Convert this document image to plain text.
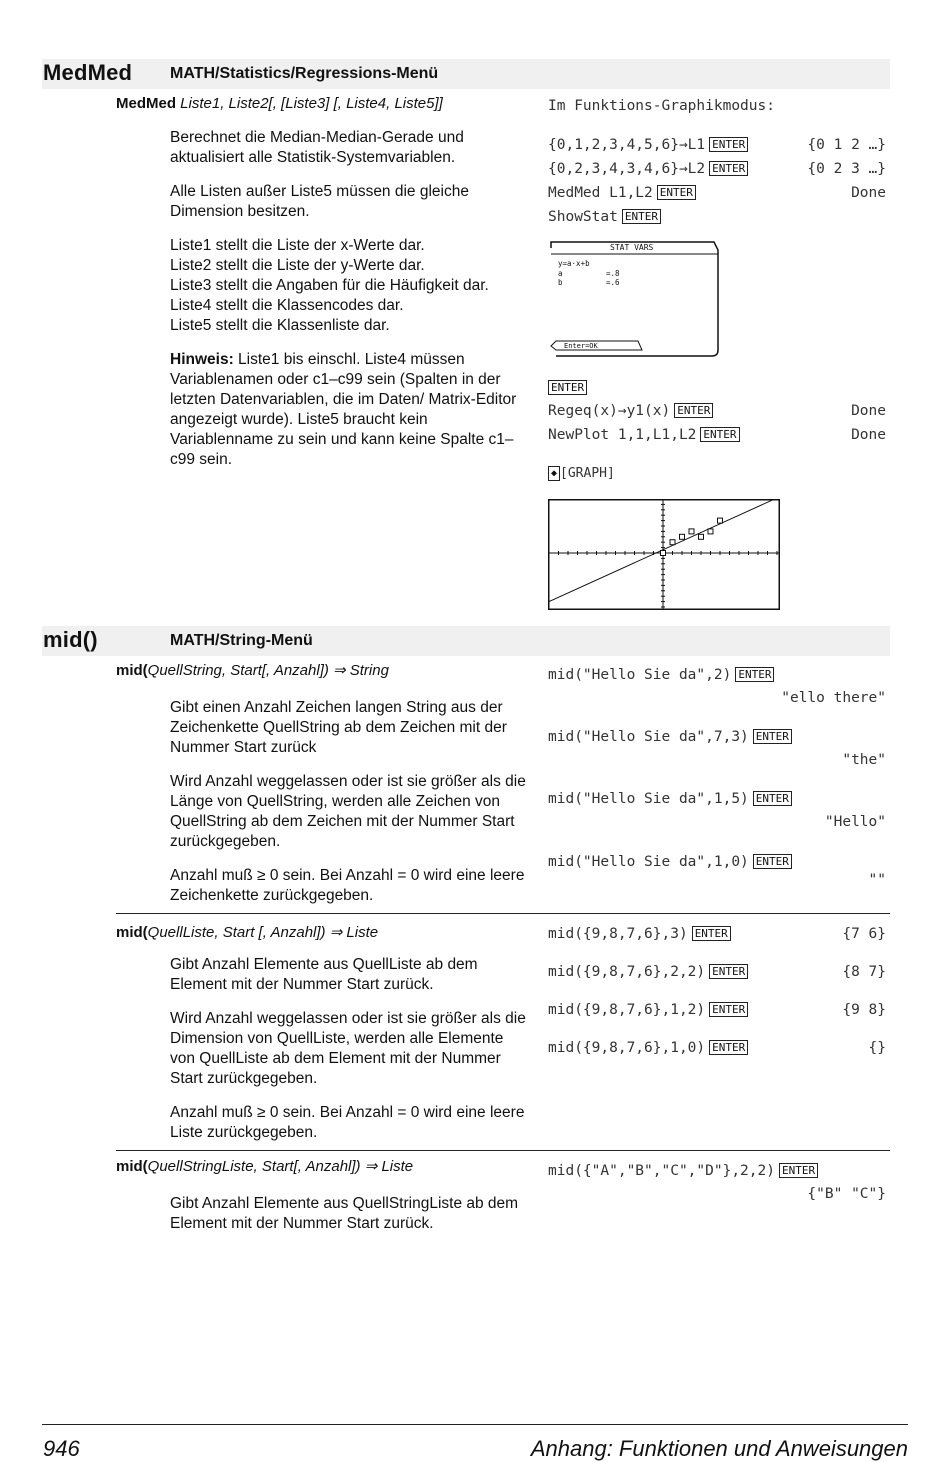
MedMed MATH/Statistics/Regressions-Menü
MedMed Liste1, Liste2[, [Liste3] [, Liste4, Liste5]]
Berechnet die Median-Median-Gerade und aktualisiert alle Statistik-Systemvariablen.
Alle Listen außer Liste5 müssen die gleiche Dimension besitzen.
Liste1 stellt die Liste der x-Werte dar.
Liste2 stellt die Liste der y-Werte dar.
Liste3 stellt die Angaben für die Häufigkeit dar.
Liste4 stellt die Klassencodes dar.
Liste5 stellt die Klassenliste dar.
Hinweis: Liste1 bis einschl. Liste4 müssen Variablenamen oder c1–c99 sein (Spalten in der letzten Datenvariablen, die im Daten/ Matrix-Editor angezeigt wurde). Liste5 braucht kein Variablenname zu sein und kann keine Spalte c1–c99 sein.
Im Funktions-Graphikmodus:
{0,1,2,3,4,5,6}→L1 ENTER	{0 1 2 …}
{0,2,3,4,3,4,6}→L2 ENTER	{0 2 3 …}
MedMed L1,L2 ENTER	Done
ShowStat ENTER
STAT VARS
y=a·x+b
a	=.8
b	=.6
Enter=OK
ENTER
Regeq(x)→y1(x) ENTER	Done
NewPlot 1,1,L1,L2 ENTER	Done
◆ [GRAPH]
mid()	MATH/String-Menü
mid(QuellString, Start[, Anzahl]) ⇒ String
Gibt einen Anzahl Zeichen langen String aus der Zeichenkette QuellString ab dem Zeichen mit der Nummer Start zurück
Wird Anzahl weggelassen oder ist sie größer als die Länge von QuellString, werden alle Zeichen von QuellString ab dem Zeichen mit der Nummer Start zurückgegeben.
Anzahl muß ≥ 0 sein. Bei Anzahl = 0 wird eine leere Zeichenkette zurückgegeben.
mid("Hello Sie da",2) ENTER
"ello there"
mid("Hello Sie da",7,3) ENTER
"the"
mid("Hello Sie da",1,5) ENTER
"Hello"
mid("Hello Sie da",1,0) ENTER
""
mid(QuellListe, Start [, Anzahl]) ⇒ Liste
Gibt Anzahl Elemente aus QuellListe ab dem Element mit der Nummer Start zurück.
Wird Anzahl weggelassen oder ist sie größer als die Dimension von QuellListe, werden alle Elemente von QuellListe ab dem Element mit der Nummer Start zurückgegeben.
Anzahl muß ≥ 0 sein. Bei Anzahl = 0 wird eine leere Liste zurückgegeben.
mid({9,8,7,6},3) ENTER	{7 6}
mid({9,8,7,6},2,2) ENTER	{8 7}
mid({9,8,7,6},1,2) ENTER	{9 8}
mid({9,8,7,6},1,0) ENTER	{}
mid(QuellStringListe, Start[, Anzahl]) ⇒ Liste
Gibt Anzahl Elemente aus QuellStringListe ab dem Element mit der Nummer Start zurück.
mid({"A","B","C","D"},2,2) ENTER
{"B" "C"}
946	Anhang: Funktionen und Anweisungen
